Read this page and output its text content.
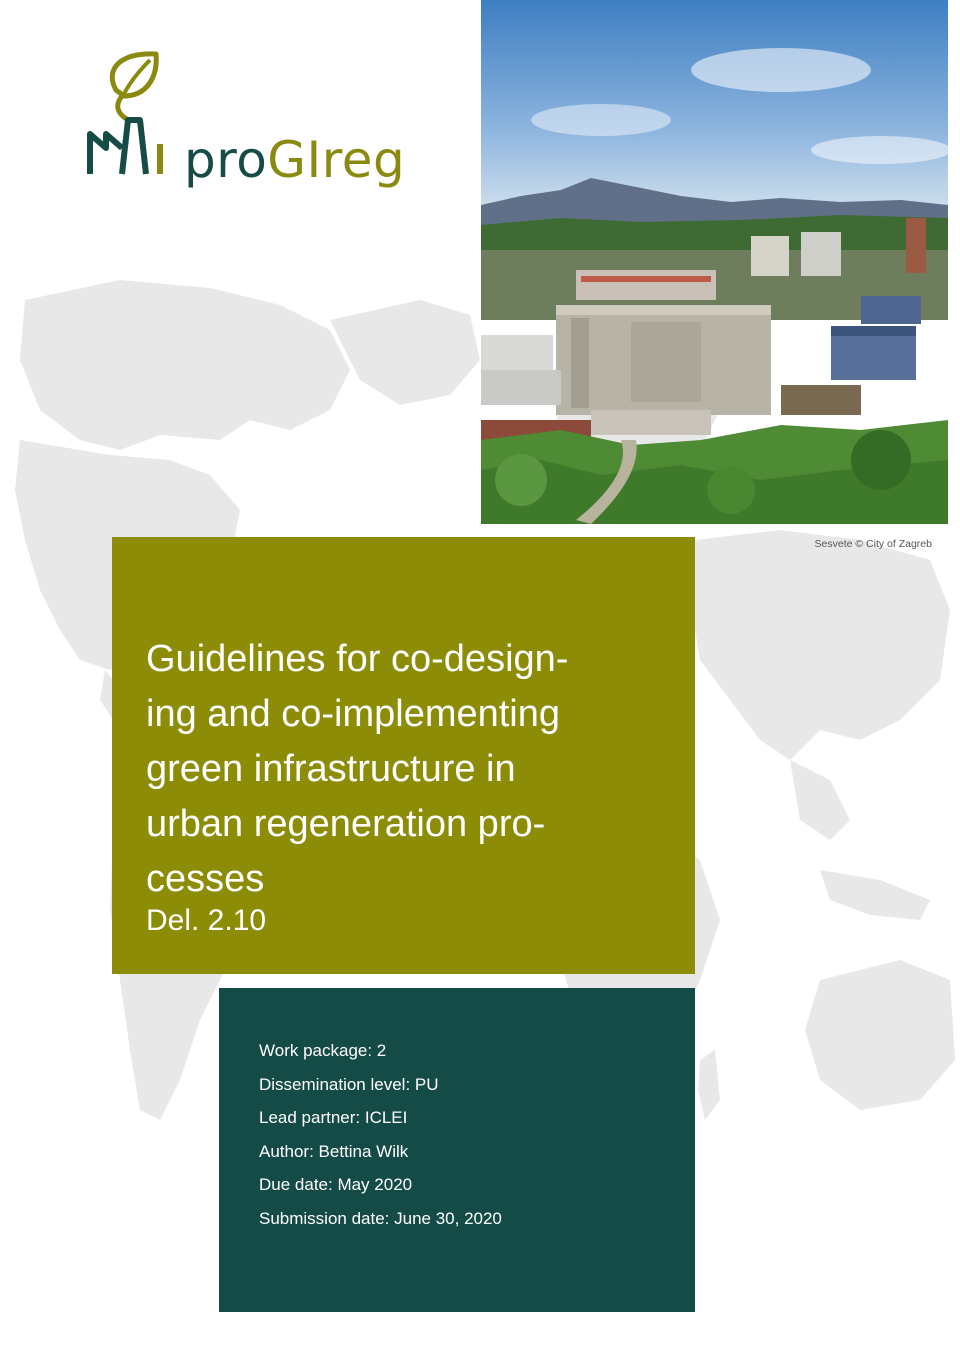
proGIreg
Sesvete © City of Zagreb
Guidelines for co-design-
ing and co-implementing
green infrastructure in
urban regeneration pro-
cesses
Del. 2.10
Work package: 2
Dissemination level: PU
Lead partner: ICLEI
Author: Bettina Wilk
Due date: May 2020
Submission date: June 30, 2020
